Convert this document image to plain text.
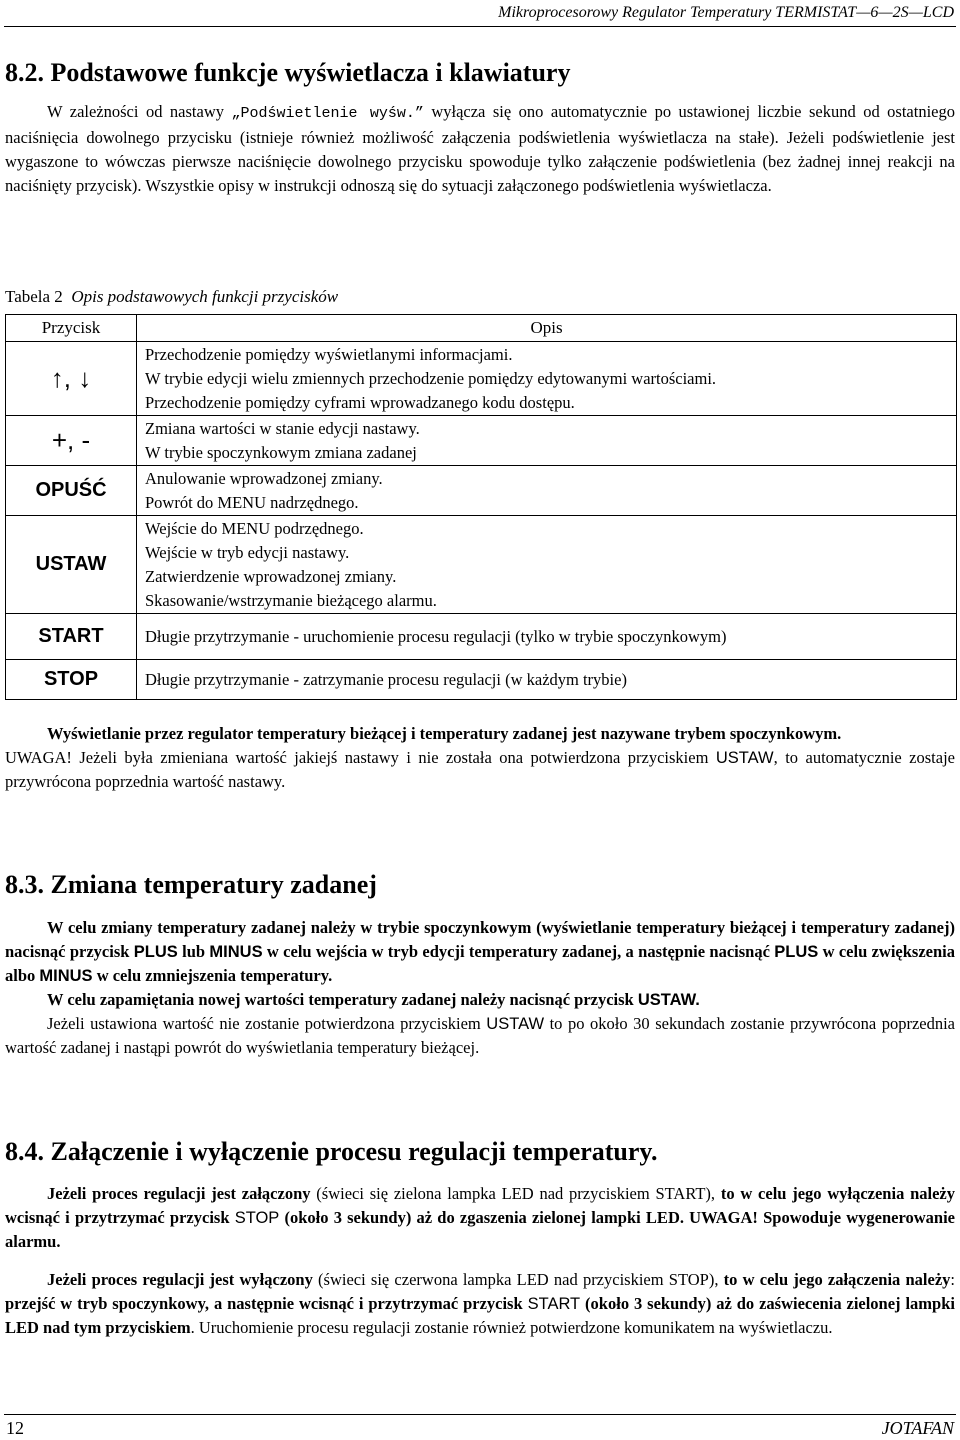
Mikroprocesorowy Regulator Temperatury TERMISTAT—6—2S—LCD
8.2. Podstawowe funkcje wyświetlacza i klawiatury

W zależności od nastawy „Podświetlenie wyśw.” wyłącza się ono automatycznie po ustawionej liczbie sekund od ostatniego naciśnięcia dowolnego przycisku (istnieje również możliwość załączenia podświetlenia wyświetlacza na stałe). Jeżeli podświetlenie jest wygaszone to wówczas pierwsze naciśnięcie dowolnego przycisku spowoduje tylko załączenie podświetlenia (bez żadnej innej reakcji na naciśnięty przycisk). Wszystkie opisy w instrukcji odnoszą się do sytuacji załączonego podświetlenia wyświetlacza.

Tabela 2 Opis podstawowych funkcji przycisków
Przycisk	Opis
↑, ↓	Przechodzenie pomiędzy wyświetlanymi informacjami.
W trybie edycji wielu zmiennych przechodzenie pomiędzy edytowanymi wartościami.
Przechodzenie pomiędzy cyframi wprowadzanego kodu dostępu.

+, -	Zmiana wartości w stanie edycji nastawy.
W trybie spoczynkowym zmiana zadanej

OPUŚĆ	Anulowanie wprowadzonej zmiany.
Powrót do MENU nadrzędnego.

USTAW	Wejście do MENU podrzędnego.
Wejście w tryb edycji nastawy.
Zatwierdzenie wprowadzonej zmiany.
Skasowanie/wstrzymanie bieżącego alarmu.

START	Długie przytrzymanie - uruchomienie procesu regulacji (tylko w trybie spoczynkowym)

STOP	Długie przytrzymanie - zatrzymanie procesu regulacji (w każdym trybie)

Wyświetlanie przez regulator temperatury bieżącej i temperatury zadanej jest nazywane trybem spoczynkowym.

UWAGA! Jeżeli była zmieniana wartość jakiejś nastawy i nie została ona potwierdzona przyciskiem USTAW, to automatycznie zostaje przywrócona poprzednia wartość nastawy.

8.3. Zmiana temperatury zadanej

W celu zmiany temperatury zadanej należy w trybie spoczynkowym (wyświetlanie temperatury bieżącej i temperatury zadanej) nacisnąć przycisk PLUS lub MINUS w celu wejścia w tryb edycji temperatury zadanej, a następnie nacisnąć PLUS w celu zwiększenia albo MINUS w celu zmniejszenia temperatury.

W celu zapamiętania nowej wartości temperatury zadanej należy nacisnąć przycisk USTAW.

Jeżeli ustawiona wartość nie zostanie potwierdzona przyciskiem USTAW to po około 30 sekundach zostanie przywrócona poprzednia wartość zadanej i nastąpi powrót do wyświetlania temperatury bieżącej.

8.4. Załączenie i wyłączenie procesu regulacji temperatury.

Jeżeli proces regulacji jest załączony (świeci się zielona lampka LED nad przyciskiem START), to w celu jego wyłączenia należy wcisnąć i przytrzymać przycisk STOP (około 3 sekundy) aż do zgaszenia zielonej lampki LED. UWAGA! Spowoduje wygenerowanie alarmu.

Jeżeli proces regulacji jest wyłączony (świeci się czerwona lampka LED nad przyciskiem STOP), to w celu jego załączenia należy: przejść w tryb spoczynkowy, a następnie wcisnąć i przytrzymać przycisk START (około 3 sekundy) aż do zaświecenia zielonej lampki LED nad tym przyciskiem. Uruchomienie procesu regulacji zostanie również potwierdzone komunikatem na wyświetlaczu.

12	JOTAFAN
